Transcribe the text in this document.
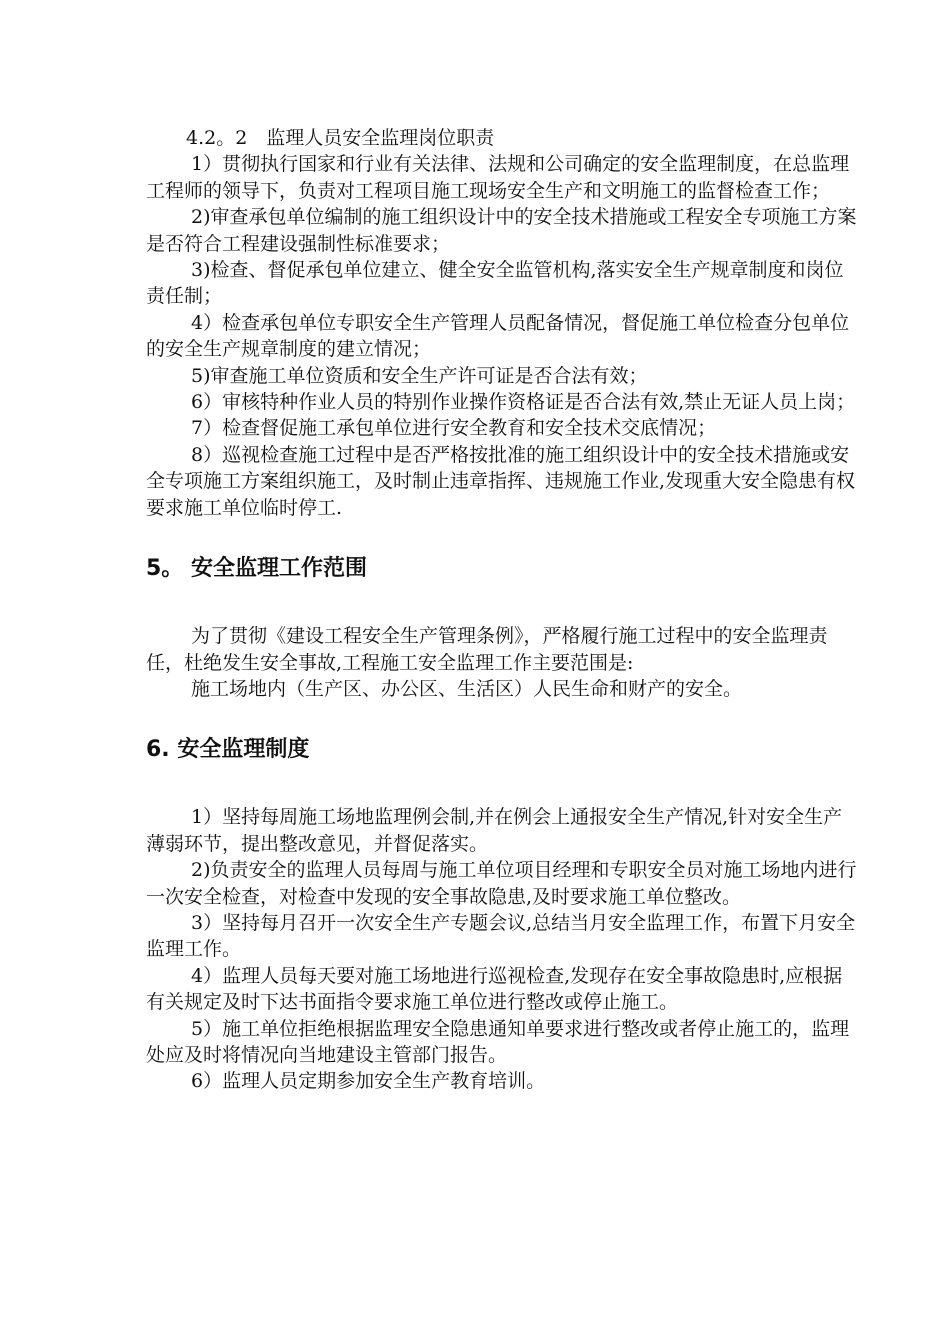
4.2。2　监理人员安全监理岗位职责

1）贯彻执行国家和行业有关法律、法规和公司确定的安全监理制度，在总监理工程师的领导下，负责对工程项目施工现场安全生产和文明施工的监督检查工作；

2)审查承包单位编制的施工组织设计中的安全技术措施或工程安全专项施工方案是否符合工程建设强制性标准要求；

3)检查、督促承包单位建立、健全安全监管机构,落实安全生产规章制度和岗位责任制；

4）检查承包单位专职安全生产管理人员配备情况，督促施工单位检查分包单位的安全生产规章制度的建立情况；

5)审查施工单位资质和安全生产许可证是否合法有效；

6）审核特种作业人员的特别作业操作资格证是否合法有效,禁止无证人员上岗；

7）检查督促施工承包单位进行安全教育和安全技术交底情况；

8）巡视检查施工过程中是否严格按批准的施工组织设计中的安全技术措施或安全专项施工方案组织施工，及时制止违章指挥、违规施工作业,发现重大安全隐患有权要求施工单位临时停工.

5。 安全监理工作范围

为了贯彻《建设工程安全生产管理条例》，严格履行施工过程中的安全监理责任，杜绝发生安全事故,工程施工安全监理工作主要范围是:

施工场地内（生产区、办公区、生活区）人民生命和财产的安全。

6. 安全监理制度

1）坚持每周施工场地监理例会制,并在例会上通报安全生产情况,针对安全生产薄弱环节，提出整改意见，并督促落实。

2)负责安全的监理人员每周与施工单位项目经理和专职安全员对施工场地内进行一次安全检查，对检查中发现的安全事故隐患,及时要求施工单位整改。

3）坚持每月召开一次安全生产专题会议,总结当月安全监理工作，布置下月安全监理工作。

4）监理人员每天要对施工场地进行巡视检查,发现存在安全事故隐患时,应根据有关规定及时下达书面指令要求施工单位进行整改或停止施工。

5）施工单位拒绝根据监理安全隐患通知单要求进行整改或者停止施工的，监理处应及时将情况向当地建设主管部门报告。

6）监理人员定期参加安全生产教育培训。
